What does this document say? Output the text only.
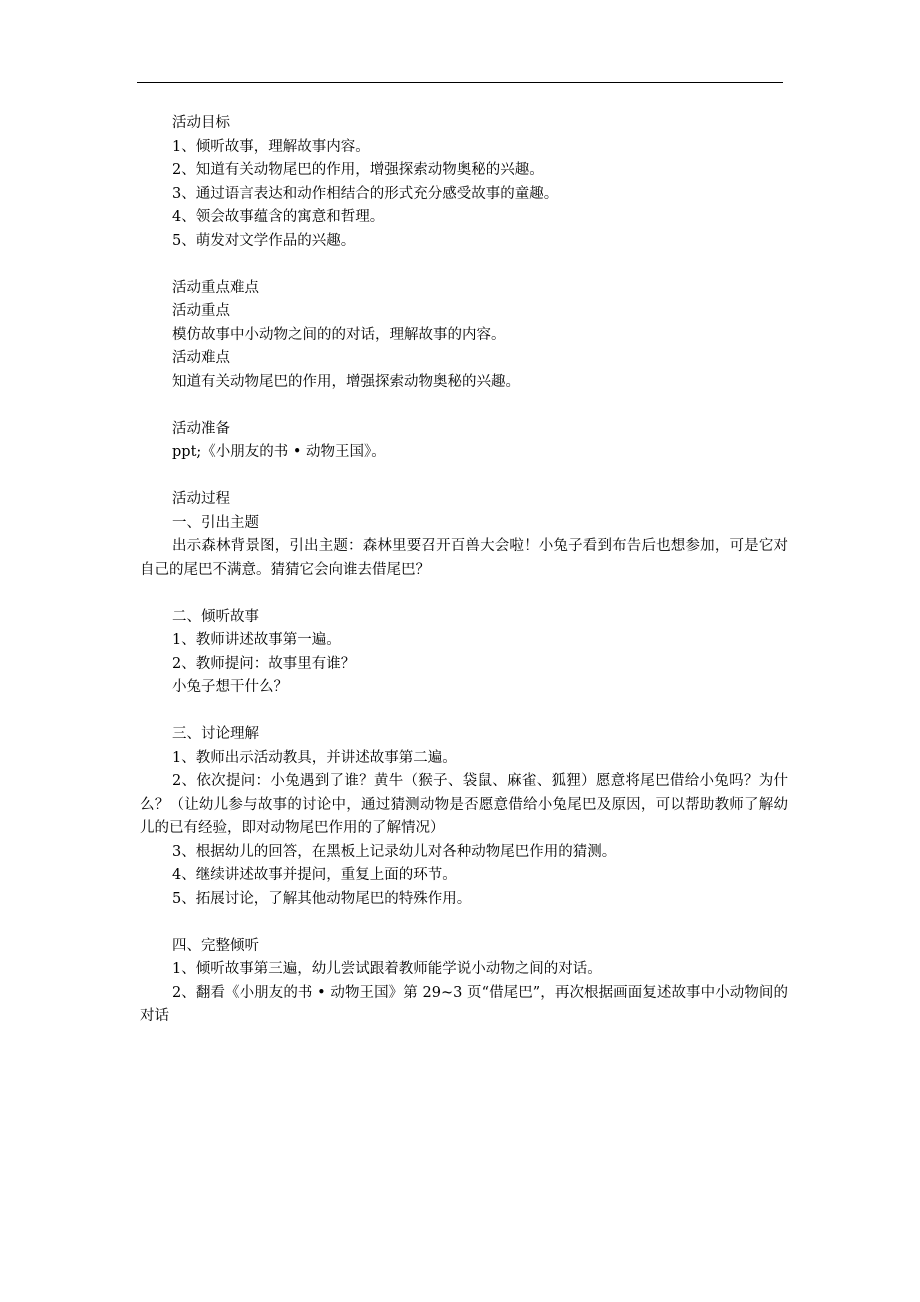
活动目标
1、倾听故事，理解故事内容。
2、知道有关动物尾巴的作用，增强探索动物奥秘的兴趣。
3、通过语言表达和动作相结合的形式充分感受故事的童趣。
4、领会故事蕴含的寓意和哲理。
5、萌发对文学作品的兴趣。
活动重点难点
活动重点
模仿故事中小动物之间的的对话，理解故事的内容。
活动难点
知道有关动物尾巴的作用，增强探索动物奥秘的兴趣。
活动准备
ppt;《小朋友的书 • 动物王国》。
活动过程
一、引出主题

出示森林背景图，引出主题：森林里要召开百兽大会啦！小兔子看到布告后也想参加，可是它对自己的尾巴不满意。猜猜它会向谁去借尾巴？

二、倾听故事
1、教师讲述故事第一遍。
2、教师提问：故事里有谁？
小兔子想干什么？
三、讨论理解
1、教师出示活动教具，并讲述故事第二遍。

2、依次提问：小兔遇到了谁？黄牛（猴子、袋鼠、麻雀、狐狸）愿意将尾巴借给小兔吗？为什么？（让幼儿参与故事的讨论中，通过猜测动物是否愿意借给小兔尾巴及原因，可以帮助教师了解幼儿的已有经验，即对动物尾巴作用的了解情况）

3、根据幼儿的回答，在黑板上记录幼儿对各种动物尾巴作用的猜测。
4、继续讲述故事并提问，重复上面的环节。
5、拓展讨论，了解其他动物尾巴的特殊作用。
四、完整倾听
1、倾听故事第三遍，幼儿尝试跟着教师能学说小动物之间的对话。

2、翻看《小朋友的书 • 动物王国》第 29~3 页“借尾巴”，再次根据画面复述故事中小动物间的对话
